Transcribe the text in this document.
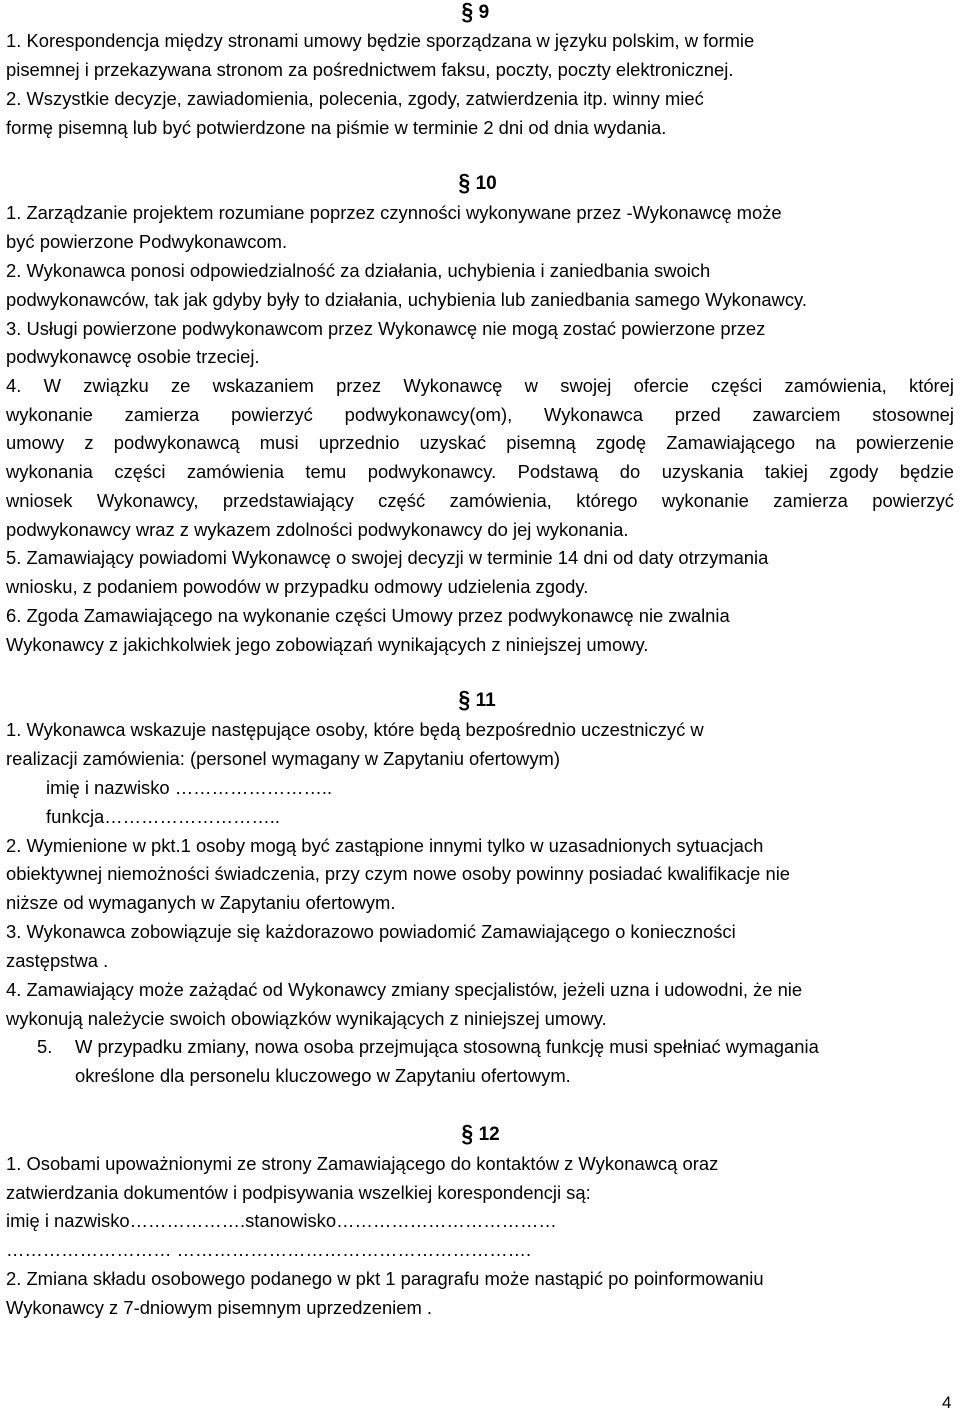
§ 9
1. Korespondencja między stronami umowy będzie sporządzana w języku polskim, w formie
pisemnej i przekazywana stronom za pośrednictwem faksu, poczty, poczty elektronicznej.
2. Wszystkie decyzje, zawiadomienia, polecenia, zgody, zatwierdzenia itp. winny mieć
formę pisemną lub być potwierdzone na piśmie w terminie 2 dni od dnia wydania.
§ 10
1. Zarządzanie projektem rozumiane poprzez czynności wykonywane przez -Wykonawcę może
być powierzone Podwykonawcom.
2. Wykonawca ponosi odpowiedzialność za działania, uchybienia i zaniedbania swoich
podwykonawców, tak jak gdyby były to działania, uchybienia lub zaniedbania samego Wykonawcy.
3. Usługi powierzone podwykonawcom przez Wykonawcę nie mogą zostać powierzone przez
podwykonawcę osobie trzeciej.
4. W związku ze wskazaniem przez Wykonawcę w swojej ofercie części zamówienia, której
wykonanie zamierza powierzyć podwykonawcy(om), Wykonawca przed zawarciem stosownej
umowy z podwykonawcą musi uprzednio uzyskać pisemną zgodę Zamawiającego na powierzenie
wykonania części zamówienia temu podwykonawcy. Podstawą do uzyskania takiej zgody będzie
wniosek Wykonawcy, przedstawiający część zamówienia, którego wykonanie zamierza powierzyć
podwykonawcy wraz z wykazem zdolności podwykonawcy do jej wykonania.
5. Zamawiający powiadomi Wykonawcę o swojej decyzji w terminie 14 dni od daty otrzymania
wniosku, z podaniem powodów w przypadku odmowy udzielenia zgody.
6. Zgoda Zamawiającego na wykonanie części Umowy przez podwykonawcę nie zwalnia
Wykonawcy z jakichkolwiek jego zobowiązań wynikających z niniejszej umowy.
§ 11
1. Wykonawca wskazuje następujące osoby, które będą bezpośrednio uczestniczyć w
realizacji zamówienia: (personel wymagany w Zapytaniu ofertowym)
imię i nazwisko ……………………..
funkcja………………………..
2. Wymienione w pkt.1 osoby mogą być zastąpione innymi tylko w uzasadnionych sytuacjach
obiektywnej niemożności świadczenia, przy czym nowe osoby powinny posiadać kwalifikacje nie
niższe od wymaganych w Zapytaniu ofertowym.
3. Wykonawca zobowiązuje się każdorazowo powiadomić Zamawiającego o konieczności
zastępstwa .
4. Zamawiający może zażądać od Wykonawcy zmiany specjalistów, jeżeli uzna i udowodni, że nie
wykonują należycie swoich obowiązków wynikających z niniejszej umowy.
5. W przypadku zmiany, nowa osoba przejmująca stosowną funkcję musi spełniać wymagania
określone dla personelu kluczowego w Zapytaniu ofertowym.
§ 12
1. Osobami upoważnionymi ze strony Zamawiającego do kontaktów z Wykonawcą oraz
zatwierdzania dokumentów i podpisywania wszelkiej korespondencji są:
imię i nazwisko……………….stanowisko………………………………
……………………… ………………………………………………….
2. Zmiana składu osobowego podanego w pkt 1 paragrafu może nastąpić po poinformowaniu
Wykonawcy z 7-dniowym pisemnym uprzedzeniem .
4
